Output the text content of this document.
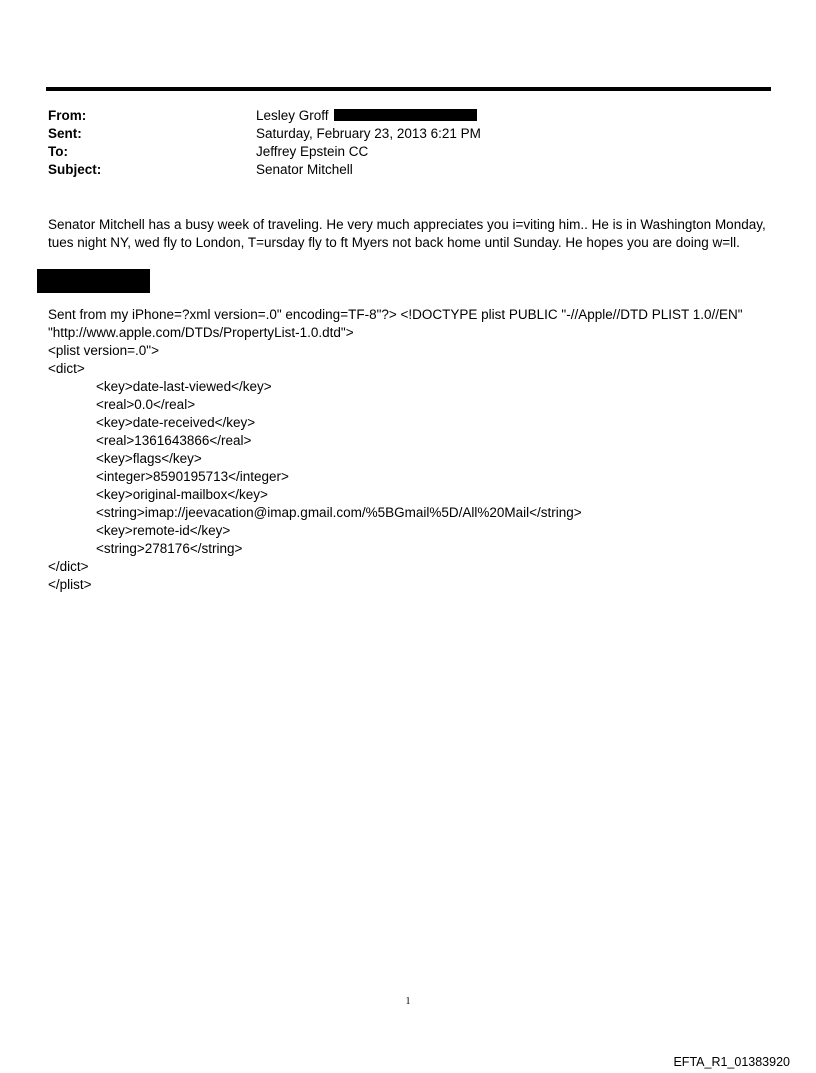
From:	Lesley Groff
Sent:	Saturday, February 23, 2013 6:21 PM
To:	Jeffrey Epstein CC
Subject:	Senator Mitchell
Senator Mitchell has a busy week of traveling. He very much appreciates you i=viting him.. He is in Washington Monday,
tues night NY, wed fly to London, T=ursday fly to ft Myers not back home until Sunday. He hopes you are doing w=ll.
Sent from my iPhone=?xml version=.0" encoding=TF-8"?> <!DOCTYPE plist PUBLIC "-//Apple//DTD PLIST 1.0//EN"
"http://www.apple.com/DTDs/PropertyList-1.0.dtd">
<plist version=.0">
<dict>
<key>date-last-viewed</key>
<real>0.0</real>
<key>date-received</key>
<real>1361643866</real>
<key>flags</key>
<integer>8590195713</integer>
<key>original-mailbox</key>
<string>imap://jeevacation@imap.gmail.com/%5BGmail%5D/All%20Mail</string>
<key>remote-id</key>
<string>278176</string>
</dict>
</plist>
1
EFTA_R1_01383920
